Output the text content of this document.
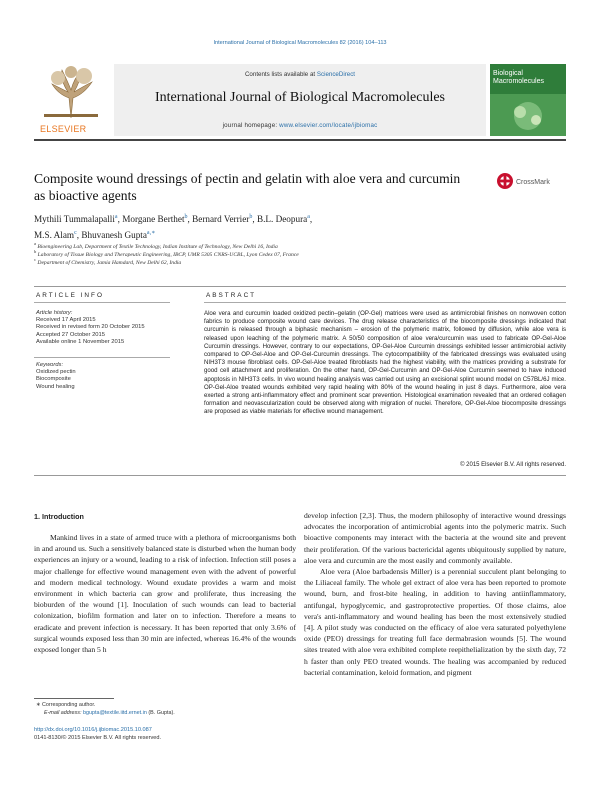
International Journal of Biological Macromolecules 82 (2016) 104–113
ELSEVIER
Contents lists available at ScienceDirect
International Journal of Biological Macromolecules
journal homepage: www.elsevier.com/locate/ijbiomac
Biological Macromolecules
Composite wound dressings of pectin and gelatin with aloe vera and curcumin as bioactive agents
CrossMark
Mythili Tummalapalli$^a$, Morgane Berthet$^b$, Bernard Verrier$^b$, B.L. Deopura$^a$,
M.S. Alam$^c$, Bhuvanesh Gupta$^{a,∗}$
$^a$ Bioengineering Lab, Department of Textile Technology, Indian Institute of Technology, New Delhi 16, India
$^b$ Laboratory of Tissue Biology and Therapeutic Engineering, IBCP, UMR 5305 CNRS-UCBL, Lyon Cedex 07, France
$^c$ Department of Chemistry, Jamia Hamdard, New Delhi 62, India
ARTICLE INFO	ABSTRACT
Article history:
Received 17 April 2015
Received in revised form 20 October 2015
Accepted 27 October 2015
Available online 1 November 2015
Keywords:
Oxidized pectin
Biocomposite
Wound healing
Aloe vera and curcumin loaded oxidized pectin–gelatin (OP-Gel) matrices were used as antimicrobial finishes on nonwoven cotton fabrics to produce composite wound care devices. The drug release characteristics of the biocomposite dressings indicated that curcumin is released through a biphasic mechanism – erosion of the polymeric matrix, followed by diffusion, while aloe vera is released upon leaching of the polymeric matrix. A 50/50 composition of aloe vera/curcumin was used to fabricate OP-Gel-Aloe Curcumin dressings. However, contrary to our expectations, OP-Gel-Aloe Curcumin dressings exhibited lesser antimicrobial activity compared to OP-Gel-Aloe and OP-Gel-Curcumin dressings. The cytocompatibility of the fabricated dressings was evaluated using NIH3T3 mouse fibroblast cells. OP-Gel-Aloe treated fibroblasts had the highest viability, with the matrices providing a substrate for good cell attachment and proliferation. On the other hand, OP-Gel-Curcumin and OP-Gel-Aloe Curcumin seemed to have induced apoptosis in NIH3T3 cells. In vivo wound healing analysis was carried out using an excisional splint wound model on C57BL/6J mice. OP-Gel-Aloe treated wounds exhibited very rapid healing with 80% of the wound healing in just 8 days. Furthermore, aloe vera exerted a strong anti-inflammatory effect and prominent scar prevention. Histological examination revealed that an ordered collagen formation and neovascularization could be observed along with migration of nuclei. Therefore, OP-Gel-Aloe biocomposite dressings are proposed as viable materials for effective wound management.
© 2015 Elsevier B.V. All rights reserved.
1. Introduction

Mankind lives in a state of armed truce with a plethora of microorganisms both in and around us. Such a sensitively balanced state is disturbed when the human body experiences an injury or a wound, leading to a risk of infection. Infection still poses a major challenge for effective wound management even with the advent of powerful and modern medical technology. Wound exudate provides a warm and moist environment in which bacteria can grow and proliferate, thus increasing the bioburden of the wound [1]. Inoculation of such wounds can lead to bacterial colonization, biofilm formation and later on to infection. Therefore a means to eradicate and prevent infection is necessary. It has been reported that only 3.6% of surgical wounds exposed less than 30 min are infected, whereas 16.4% of the wounds exposed longer than 5 h

develop infection [2,3]. Thus, the modern philosophy of interactive wound dressings advocates the incorporation of antimicrobial agents into the polymeric matrix. Such bioactive components may interact with the bacteria at the wound site and prevent their proliferation. Of the various bactericidal agents ubiquitously supplied by nature, aloe vera and curcumin are the most easily and commonly available.

Aloe vera (Aloe barbadensis Miller) is a perennial succulent plant belonging to the Liliaceal family. The whole gel extract of aloe vera has been reported to promote wound, burn, and frost-bite healing, in addition to having antiinflammatory, antifungal, hypoglycemic, and gastroprotective properties. Of those claims, aloe vera's anti-inflammatory and wound healing has been the most extensively studied [4]. A pilot study was conducted on the efficacy of aloe vera saturated polyethylene oxide (PEO) dressings for treating full face dermabrasion wounds [5]. The wound sites treated with aloe vera exhibited complete reepithelialization by the sixth day, 72 h faster than only PEO treated wounds. The healing was accompanied by reduced bacterial contamination, keloid formation, and pigment

∗ Corresponding author.
E-mail address: bgupta@textile.iitd.ernet.in (B. Gupta).
http://dx.doi.org/10.1016/j.ijbiomac.2015.10.087
0141-8130/© 2015 Elsevier B.V. All rights reserved.
